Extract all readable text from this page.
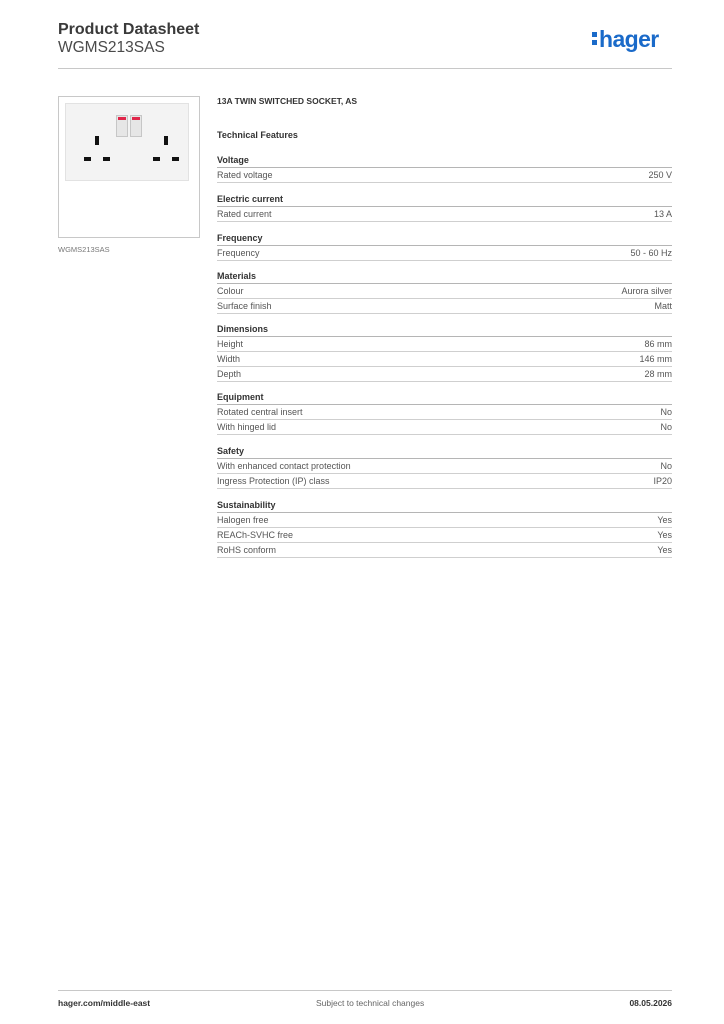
Product Datasheet
WGMS213SAS	hager
WGMS213SAS
13A TWIN SWITCHED SOCKET, AS
Technical Features
Voltage
Rated voltage	250 V
Electric current
Rated current	13 A
Frequency
Frequency	50 - 60 Hz
Materials
Colour	Aurora silver
Surface finish	Matt
Dimensions
Height	86 mm
Width	146 mm
Depth	28 mm
Equipment
Rotated central insert	No
With hinged lid	No
Safety
With enhanced contact protection	No
Ingress Protection (IP) class	IP20
Sustainability
Halogen free	Yes
REACh-SVHC free	Yes
RoHS conform	Yes
hager.com/middle-east	Subject to technical changes	08.05.2026
